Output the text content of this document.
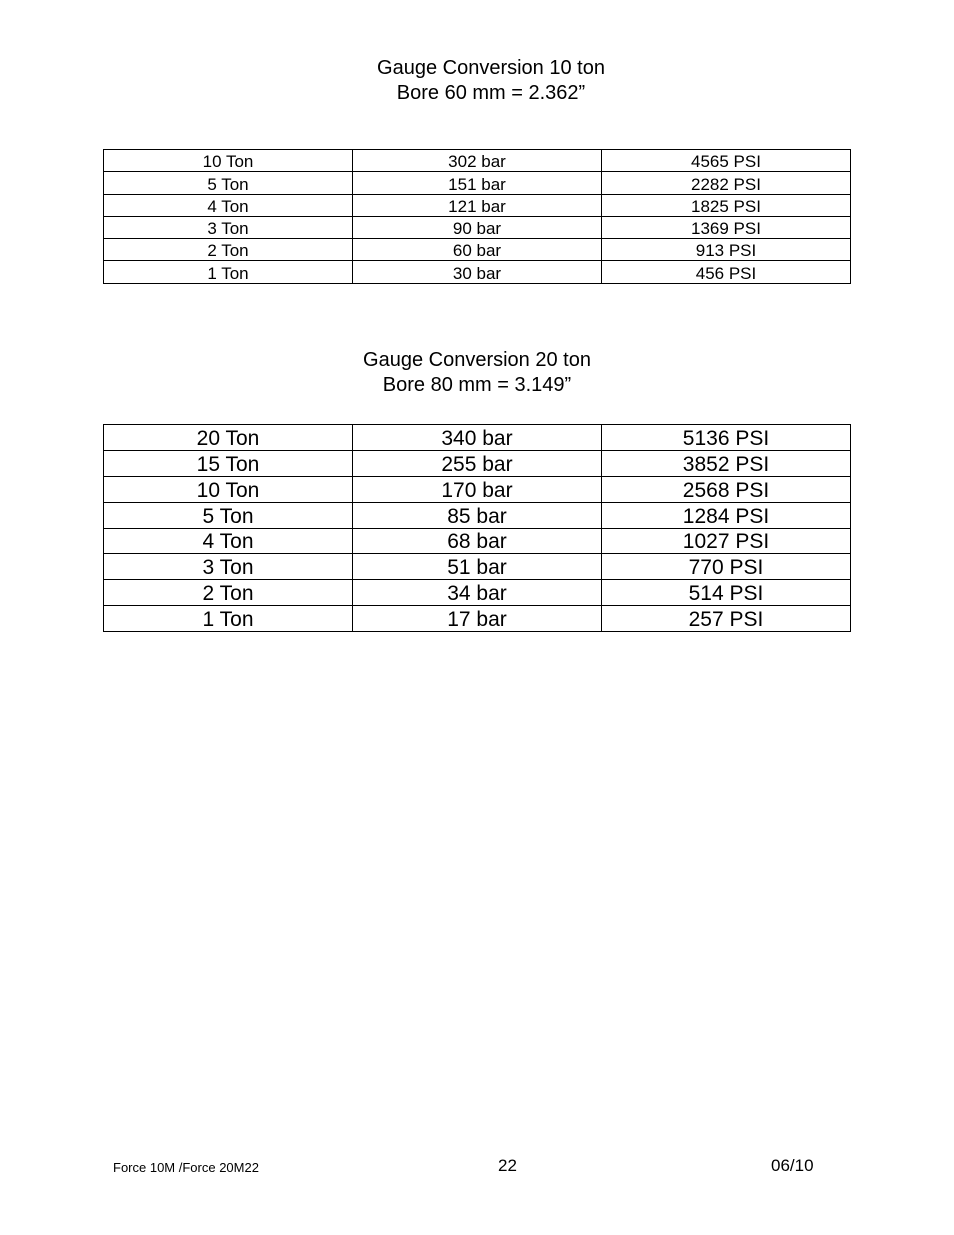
Gauge Conversion 10 ton
Bore 60 mm = 2.362”
10 Ton	302 bar	4565 PSI
5 Ton	151 bar	2282 PSI
4 Ton	121 bar	1825 PSI
3 Ton	90 bar	1369 PSI
2 Ton	60 bar	913 PSI
1 Ton	30 bar	456 PSI
Gauge Conversion 20 ton
Bore 80 mm = 3.149”
20 Ton	340 bar	5136 PSI
15 Ton	255 bar	3852 PSI
10 Ton	170 bar	2568 PSI
5 Ton	85 bar	1284 PSI
4 Ton	68 bar	1027 PSI
3 Ton	51 bar	770 PSI
2 Ton	34 bar	514 PSI
1 Ton	17 bar	257 PSI
Force 10M /Force 20M22	22	06/10
